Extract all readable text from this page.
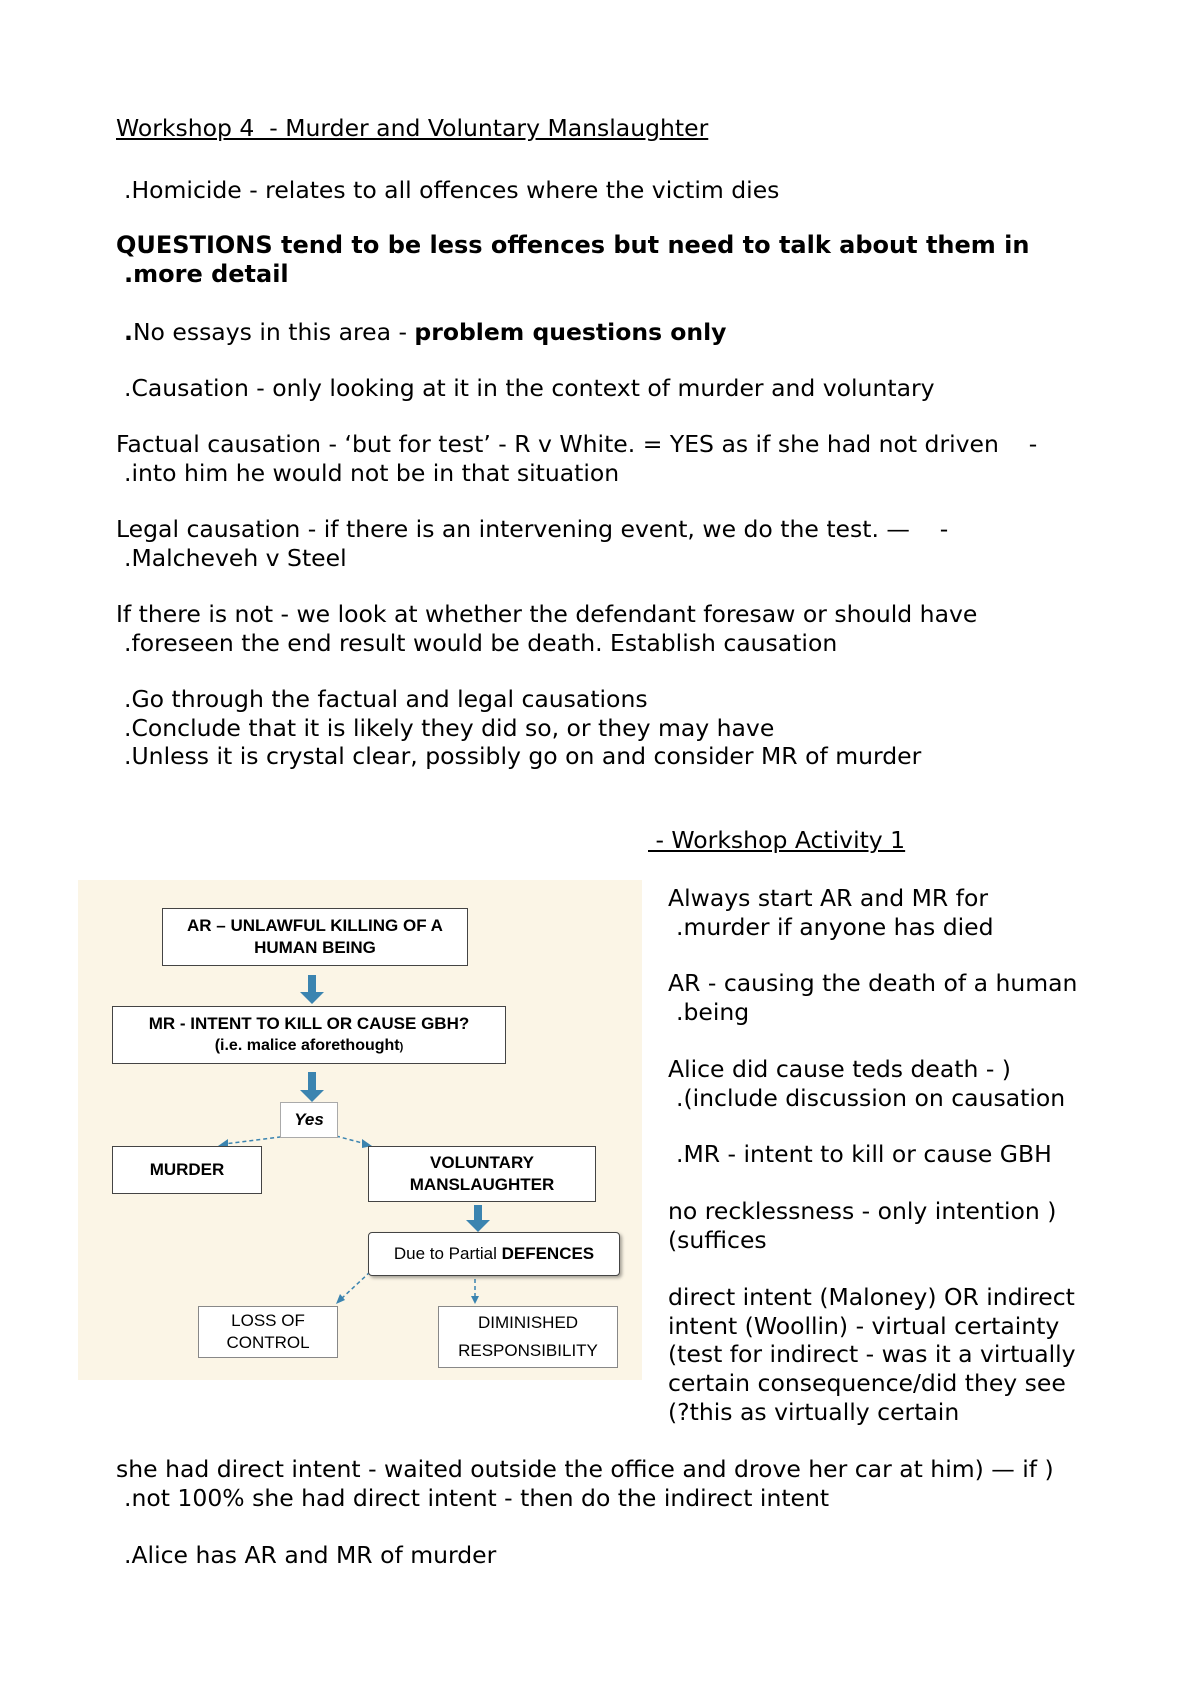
Workshop 4  - Murder and Voluntary Manslaughter

.Homicide - relates to all offences where the victim dies

QUESTIONS tend to be less offences but need to talk about them in

.more detail

.No essays in this area - problem questions only

.Causation - only looking at it in the context of murder and voluntary

Factual causation - ‘but for test’ - R v White. = YES as if she had not driven    -

.into him he would not be in that situation

Legal causation - if there is an intervening event, we do the test. —    -

.Malcheveh v Steel

If there is not - we look at whether the defendant foresaw or should have

.foreseen the end result would be death. Establish causation

.Go through the factual and legal causations

.Conclude that it is likely they did so, or they may have

.Unless it is crystal clear, possibly go on and consider MR of murder

- Workshop Activity 1

Always start AR and MR for

.murder if anyone has died

AR - causing the death of a human

.being

Alice did cause teds death - )

.(include discussion on causation

.MR - intent to kill or cause GBH

no recklessness - only intention )

(suffices

direct intent (Maloney) OR indirect

intent (Woollin) - virtual certainty

(test for indirect - was it a virtually

certain consequence/did they see

(?this as virtually certain

she had direct intent - waited outside the office and drove her car at him) — if )

.not 100% she had direct intent - then do the indirect intent

.Alice has AR and MR of murder

AR – UNLAWFUL KILLING OF A
HUMAN BEING
MR - INTENT TO KILL OR CAUSE GBH?
(i.e. malice aforethought)
Yes
MURDER	VOLUNTARY
MANSLAUGHTER
Due to Partial DEFENCES
LOSS OF
CONTROL
DIMINISHED
RESPONSIBILITY
